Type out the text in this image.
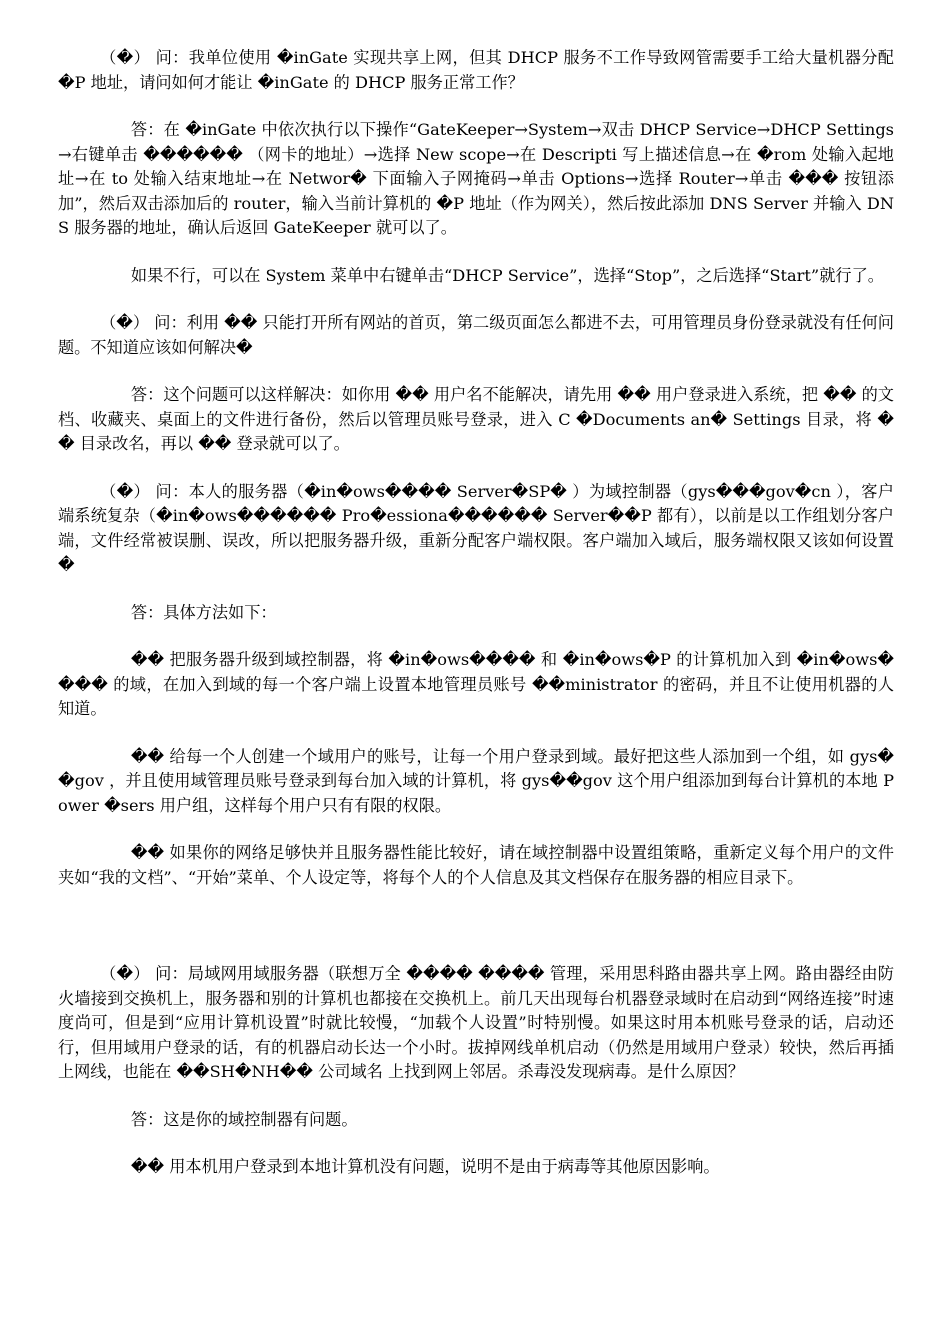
（�） 问：我单位使用 �inGate 实现共享上网，但其 DHCP 服务不工作导致网管需要手工给大量机器分配 �P 地址，请问如何才能让 �inGate 的 DHCP 服务正常工作？

答：在 �inGate 中依次执行以下操作“GateKeeper→System→双击 DHCP Service→DHCP Settings→右键单击 ������ （网卡的地址）→选择 New scope→在 Descripti 写上描述信息→在 �rom 处输入起地址→在 to 处输入结束地址→在 Networ� 下面输入子网掩码→单击 Options→选择 Router→单击 ��� 按钮添加”，然后双击添加后的 router，输入当前计算机的 �P 地址（作为网关），然后按此添加 DNS Server 并输入 DNS 服务器的地址，确认后返回 GateKeeper 就可以了。

如果不行，可以在 System 菜单中右键单击“DHCP Service”，选择“Stop”，之后选择“Start”就行了。

（�） 问：利用 �� 只能打开所有网站的首页，第二级页面怎么都进不去，可用管理员身份登录就没有任何问题。不知道应该如何解决�

答：这个问题可以这样解决：如你用 �� 用户名不能解决，请先用 �� 用户登录进入系统，把 �� 的文档、收藏夹、桌面上的文件进行备份，然后以管理员账号登录，进入 C �Documents an� Settings 目录，将 �� 目录改名，再以 �� 登录就可以了。

（�） 问：本人的服务器（�in�ows���� Server�SP� ）为域控制器（gys���gov�cn ），客户端系统复杂（�in�ows������ Pro�essiona������ Server��P 都有），以前是以工作组划分客户端，文件经常被误删、误改，所以把服务器升级，重新分配客户端权限。客户端加入域后，服务端权限又该如何设置�

答：具体方法如下：

�� 把服务器升级到域控制器，将 �in�ows���� 和 �in�ows�P 的计算机加入到 �in�ows���� 的域，在加入到域的每一个客户端上设置本地管理员账号 ��ministrator 的密码，并且不让使用机器的人知道。

�� 给每一个人创建一个域用户的账号，让每一个用户登录到域。最好把这些人添加到一个组，如 gys��gov ，并且使用域管理员账号登录到每台加入域的计算机，将 gys��gov 这个用户组添加到每台计算机的本地 Power �sers 用户组，这样每个用户只有有限的权限。

�� 如果你的网络足够快并且服务器性能比较好，请在域控制器中设置组策略，重新定义每个用户的文件夹如“我的文档”、“开始”菜单、个人设定等，将每个人的个人信息及其文档保存在服务器的相应目录下。

（�） 问：局域网用域服务器（联想万全 ���� ���� 管理，采用思科路由器共享上网。路由器经由防火墙接到交换机上，服务器和别的计算机也都接在交换机上。前几天出现每台机器登录域时在启动到“网络连接”时速度尚可，但是到“应用计算机设置”时就比较慢，“加载个人设置”时特别慢。如果这时用本机账号登录的话，启动还行，但用域用户登录的话，有的机器启动长达一个小时。拔掉网线单机启动（仍然是用域用户登录）较快，然后再插上网线，也能在 ��SH�NH�� 公司域名 上找到网上邻居。杀毒没发现病毒。是什么原因？

答：这是你的域控制器有问题。

�� 用本机用户登录到本地计算机没有问题，说明不是由于病毒等其他原因影响。
